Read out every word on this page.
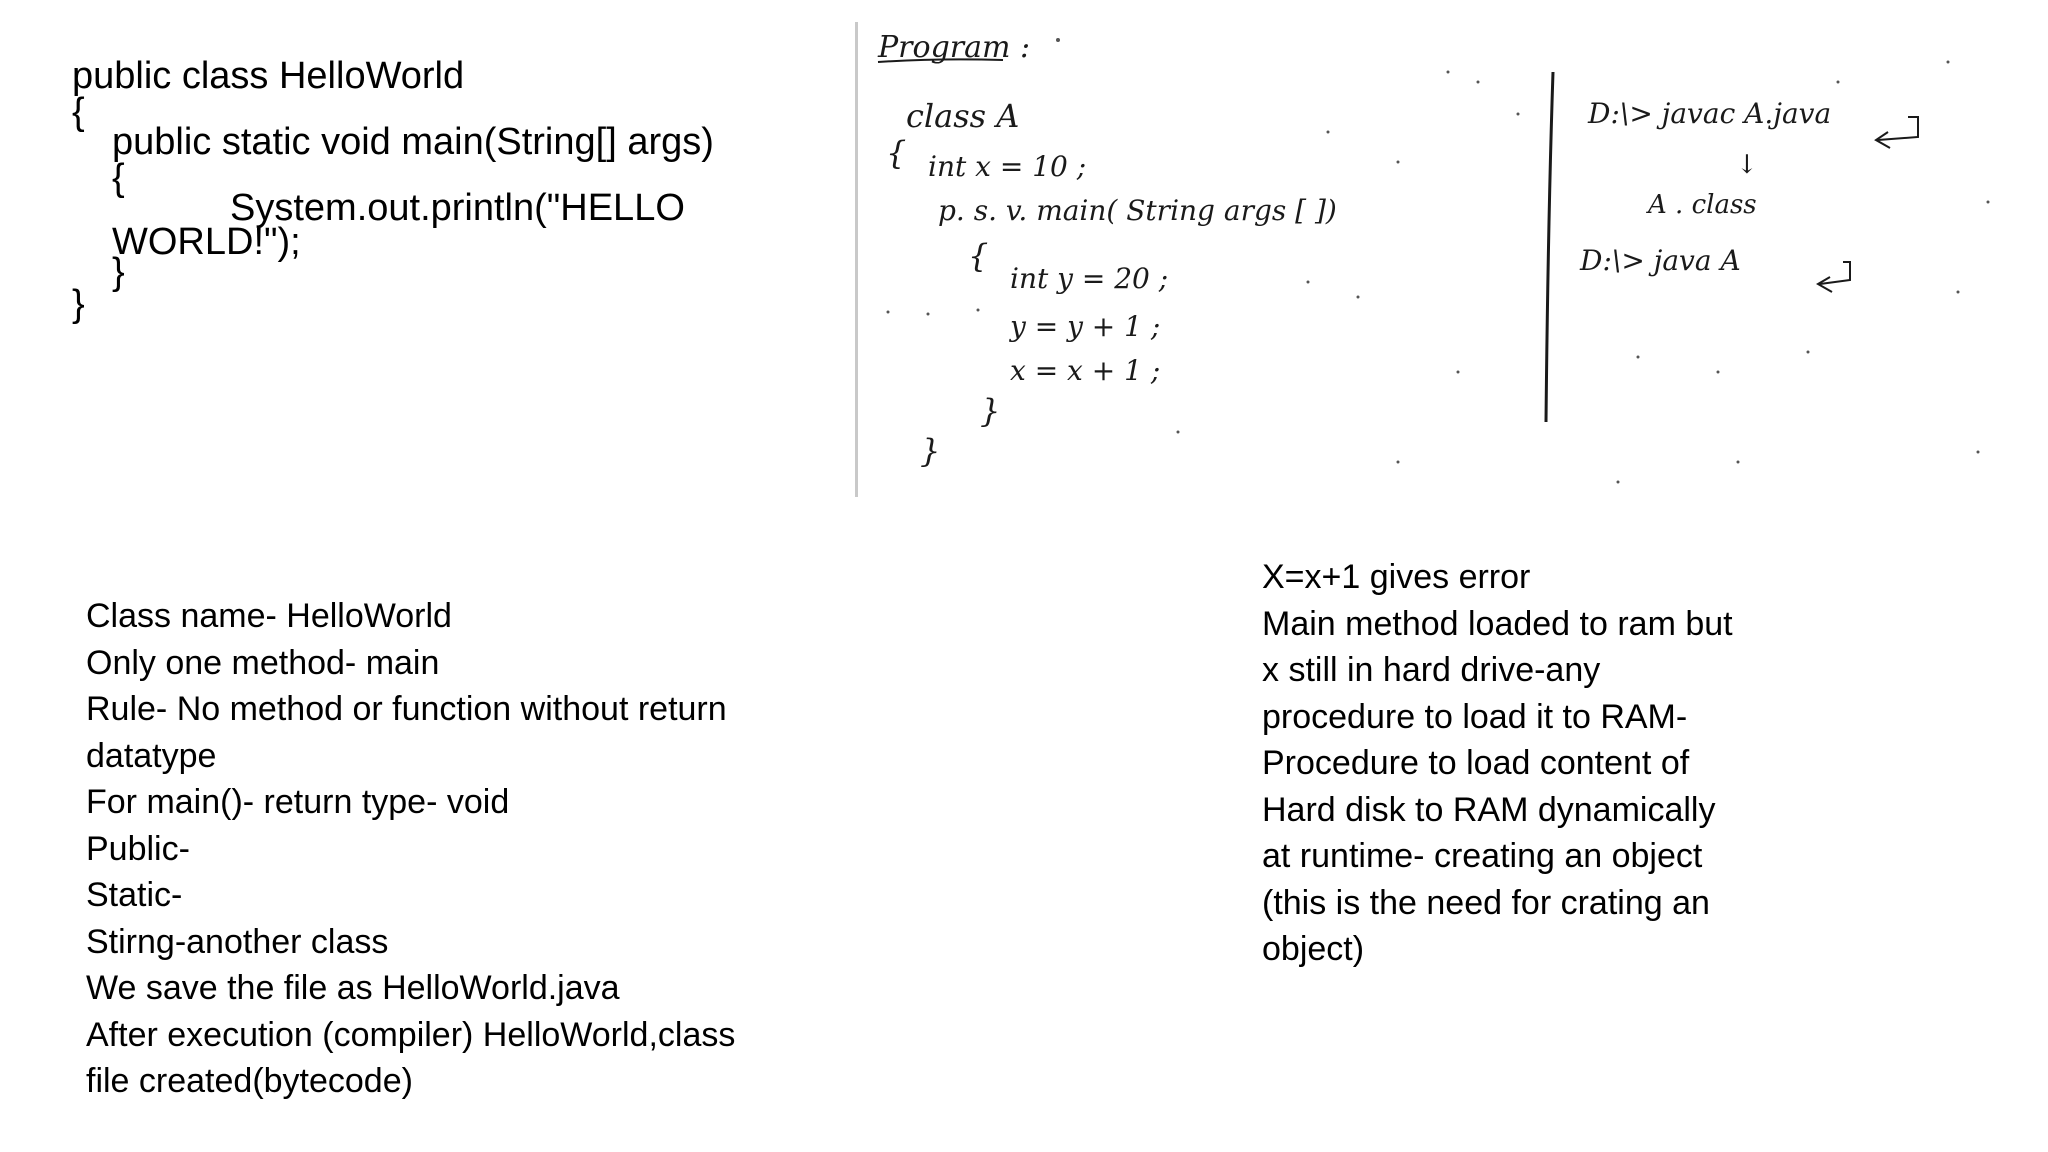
public class HelloWorld
{
public static void main(String[] args)
{
System.out.println("HELLO
WORLD!");
}
}
Program :
class A
{ int x = 10 ;
p. s. v. main( String args [ ])
{
int y = 20 ;
y = y + 1 ;
x = x + 1 ;
}
}
D:\> javac A.java
↓
A . class
D:\> java A
Class name- HelloWorld
Only one method- main
Rule- No method or function without return
datatype
For main()- return type- void
Public-
Static-
Stirng-another class
We save the file as HelloWorld.java
After execution (compiler) HelloWorld,class
file created(bytecode)
X=x+1 gives error
Main method loaded to ram but
x still in hard drive-any
procedure to load it to RAM-
Procedure to load content of
Hard disk to RAM dynamically
at runtime- creating an object
(this is the need for crating an
object)
